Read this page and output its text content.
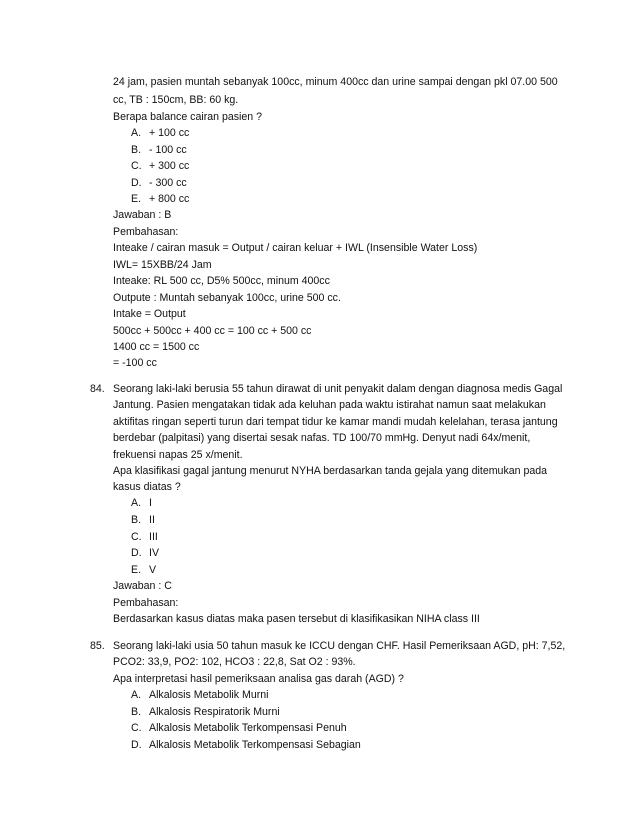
24 jam, pasien muntah sebanyak 100cc, minum 400cc dan urine sampai dengan pkl 07.00 500
cc, TB : 150cm, BB: 60 kg.
Berapa balance cairan pasien ?
A. + 100 cc
B. - 100 cc
C. + 300 cc
D. - 300 cc
E. + 800 cc
Jawaban : B
Pembahasan:
Inteake / cairan masuk = Output / cairan keluar + IWL (Insensible Water Loss)
IWL= 15XBB/24 Jam
Inteake: RL 500 cc, D5% 500cc, minum 400cc
Outpute : Muntah sebanyak 100cc, urine 500 cc.
Intake = Output
500cc + 500cc + 400 cc = 100 cc + 500 cc
1400 cc = 1500 cc
= -100 cc
84. Seorang laki-laki berusia 55 tahun dirawat di unit penyakit dalam dengan diagnosa medis Gagal
Jantung. Pasien mengatakan tidak ada keluhan pada waktu istirahat namun saat melakukan
aktifitas ringan seperti turun dari tempat tidur ke kamar mandi mudah kelelahan, terasa jantung
berdebar (palpitasi) yang disertai sesak nafas. TD 100/70 mmHg. Denyut nadi 64x/menit,
frekuensi napas 25 x/menit.
Apa klasifikasi gagal jantung menurut NYHA berdasarkan tanda gejala yang ditemukan pada
kasus diatas ?
A. I
B. II
C. III
D. IV
E. V
Jawaban : C
Pembahasan:
Berdasarkan kasus diatas maka pasen tersebut di klasifikasikan NIHA class III
85. Seorang laki-laki usia 50 tahun masuk ke ICCU dengan CHF. Hasil Pemeriksaan AGD, pH: 7,52,
PCO2: 33,9, PO2: 102, HCO3 : 22,8, Sat O2 : 93%.
Apa interpretasi hasil pemeriksaan analisa gas darah (AGD) ?
A. Alkalosis Metabolik Murni
B. Alkalosis Respiratorik Murni
C. Alkalosis Metabolik Terkompensasi Penuh
D. Alkalosis Metabolik Terkompensasi Sebagian
